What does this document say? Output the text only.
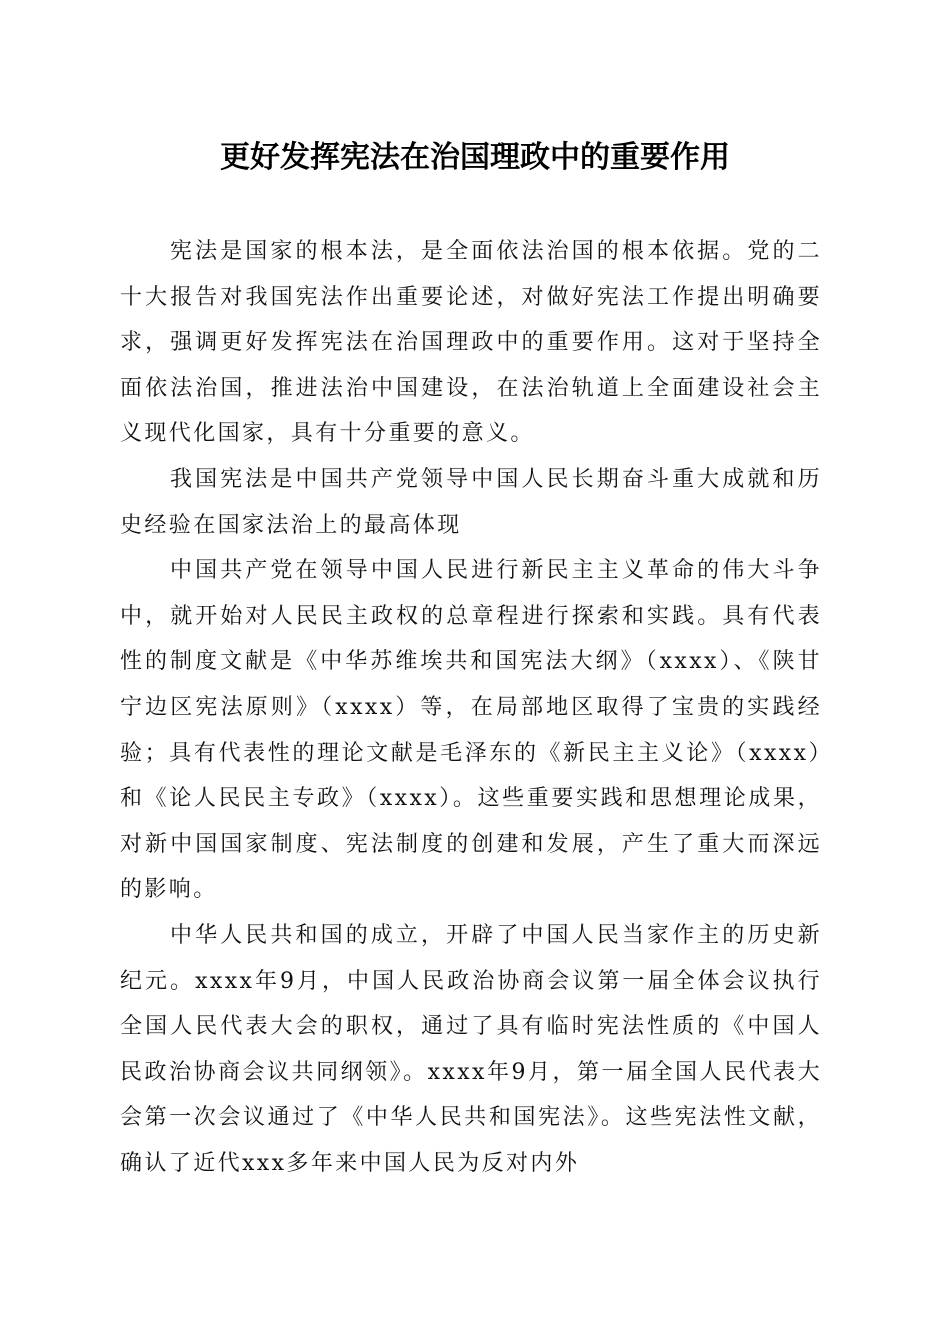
更好发挥宪法在治国理政中的重要作用

宪法是国家的根本法，是全面依法治国的根本依据。党的二十大报告对我国宪法作出重要论述，对做好宪法工作提出明确要求，强调更好发挥宪法在治国理政中的重要作用。这对于坚持全面依法治国，推进法治中国建设，在法治轨道上全面建设社会主义现代化国家，具有十分重要的意义。

我国宪法是中国共产党领导中国人民长期奋斗重大成就和历史经验在国家法治上的最高体现

中国共产党在领导中国人民进行新民主主义革命的伟大斗争中，就开始对人民民主政权的总章程进行探索和实践。具有代表性的制度文献是《中华苏维埃共和国宪法大纲》（xxxx）、《陕甘宁边区宪法原则》（xxxx）等，在局部地区取得了宝贵的实践经验；具有代表性的理论文献是毛泽东的《新民主主义论》（xxxx）和《论人民民主专政》（xxxx）。这些重要实践和思想理论成果，对新中国国家制度、宪法制度的创建和发展，产生了重大而深远的影响。

中华人民共和国的成立，开辟了中国人民当家作主的历史新纪元。xxxx年9月，中国人民政治协商会议第一届全体会议执行全国人民代表大会的职权，通过了具有临时宪法性质的《中国人民政治协商会议共同纲领》。xxxx年9月，第一届全国人民代表大会第一次会议通过了《中华人民共和国宪法》。这些宪法性文献，确认了近代xxx多年来中国人民为反对内外
